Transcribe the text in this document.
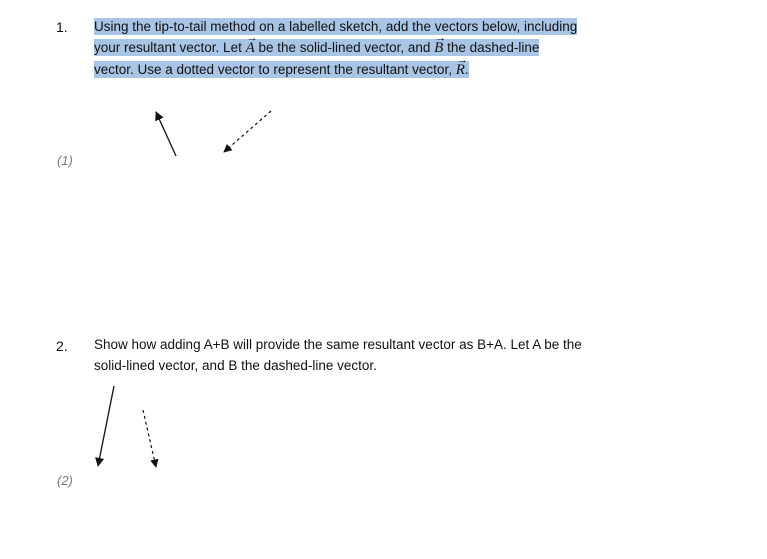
1. Using the tip-to-tail method on a labelled sketch, add the vectors below, including
your resultant vector. Let A
→
be the solid-lined vector, and B
→
the dashed-line
vector. Use a dotted vector to represent the resultant vector, R
→
.
(1)
2. Show how adding A+B will provide the same resultant vector as B+A. Let A be the
solid-lined vector, and B the dashed-line vector.
(2)
